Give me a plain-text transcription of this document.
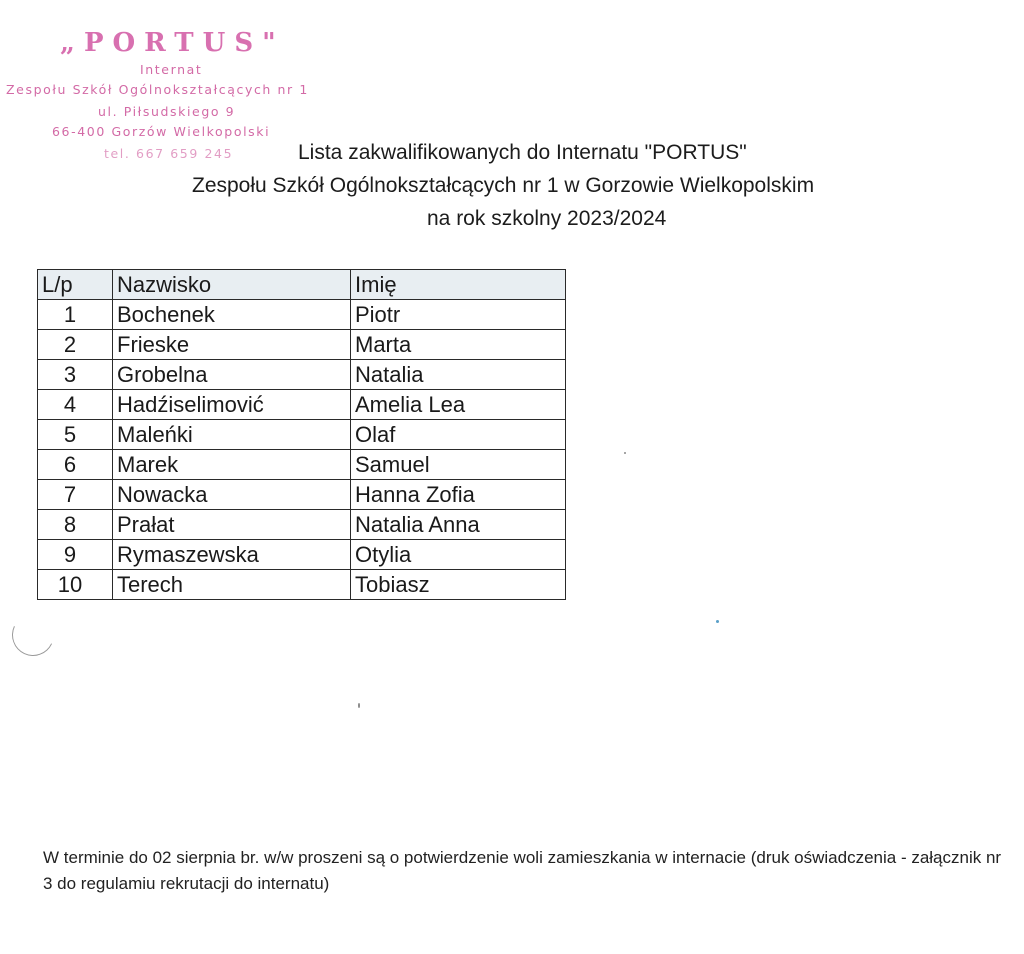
„PORTUS"
Internat
Zespołu Szkół Ogólnokształcących nr 1
ul. Piłsudskiego 9
66-400 Gorzów Wielkopolski
tel. 667 659 245	Lista zakwalifikowanych do Internatu "PORTUS"
Zespołu Szkół Ogólnokształcących nr 1 w Gorzowie Wielkopolskim
na rok szkolny 2023/2024
L/p	Nazwisko	Imię
1	Bochenek	Piotr
2	Frieske	Marta
3	Grobelna	Natalia
4	Hadźiselimović	Amelia Lea
5	Maleńki	Olaf
6	Marek	Samuel
7	Nowacka	Hanna Zofia
8	Prałat	Natalia Anna
9	Rymaszewska	Otylia
10	Terech	Tobiasz
W terminie do 02 sierpnia br. w/w proszeni są o potwierdzenie woli zamieszkania w internacie (druk oświadczenia - załącznik nr 3 do regulamiu rekrutacji do internatu)
